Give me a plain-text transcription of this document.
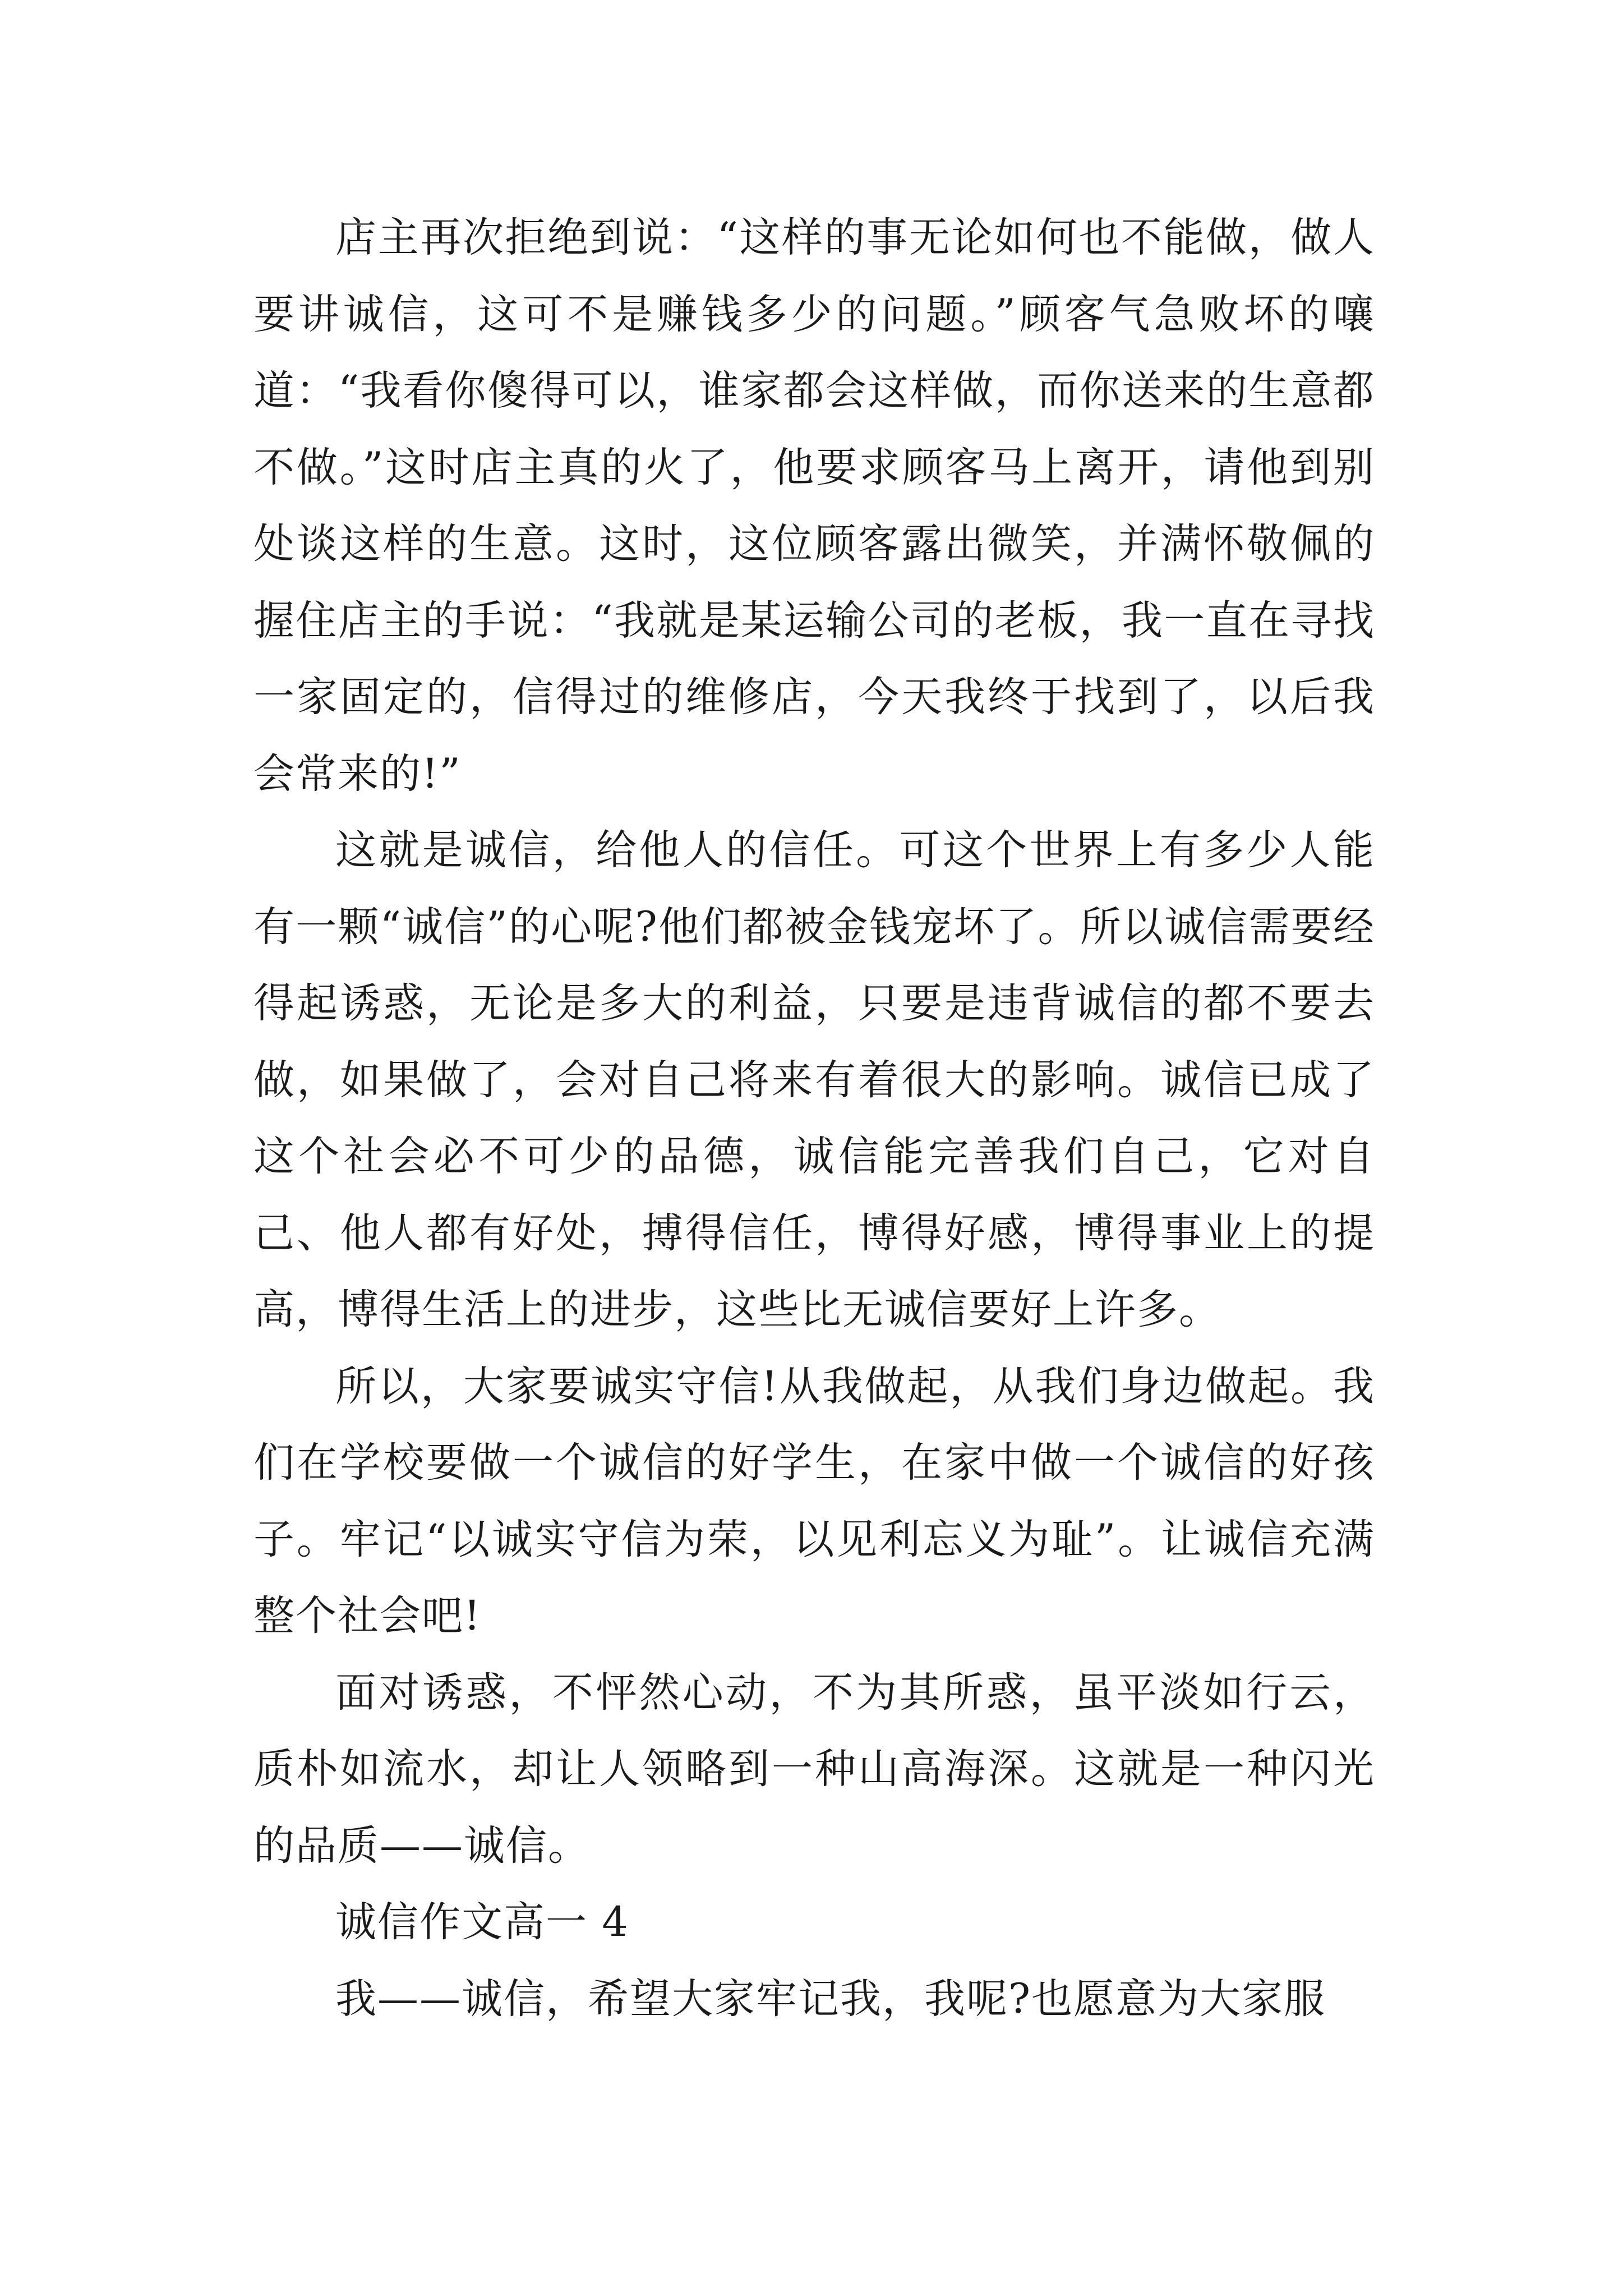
店主再次拒绝到说：“这样的事无论如何也不能做，做人要讲诚信，这可不是赚钱多少的问题。”顾客气急败坏的嚷道：“我看你傻得可以，谁家都会这样做，而你送来的生意都不做。”这时店主真的火了，他要求顾客马上离开，请他到别处谈这样的生意。这时，这位顾客露出微笑，并满怀敬佩的握住店主的手说：“我就是某运输公司的老板，我一直在寻找一家固定的，信得过的维修店，今天我终于找到了，以后我会常来的!”

这就是诚信，给他人的信任。可这个世界上有多少人能有一颗“诚信”的心呢?他们都被金钱宠坏了。所以诚信需要经得起诱惑，无论是多大的利益，只要是违背诚信的都不要去做，如果做了，会对自己将来有着很大的影响。诚信已成了这个社会必不可少的品德，诚信能完善我们自己，它对自己、他人都有好处，搏得信任，博得好感，博得事业上的提高，博得生活上的进步，这些比无诚信要好上许多。

所以，大家要诚实守信!从我做起，从我们身边做起。我们在学校要做一个诚信的好学生，在家中做一个诚信的好孩子。牢记“以诚实守信为荣，以见利忘义为耻”。让诚信充满整个社会吧!

面对诱惑，不怦然心动，不为其所惑，虽平淡如行云，质朴如流水，却让人领略到一种山高海深。这就是一种闪光的品质——诚信。

诚信作文高一 4

我——诚信，希望大家牢记我，我呢?也愿意为大家服
